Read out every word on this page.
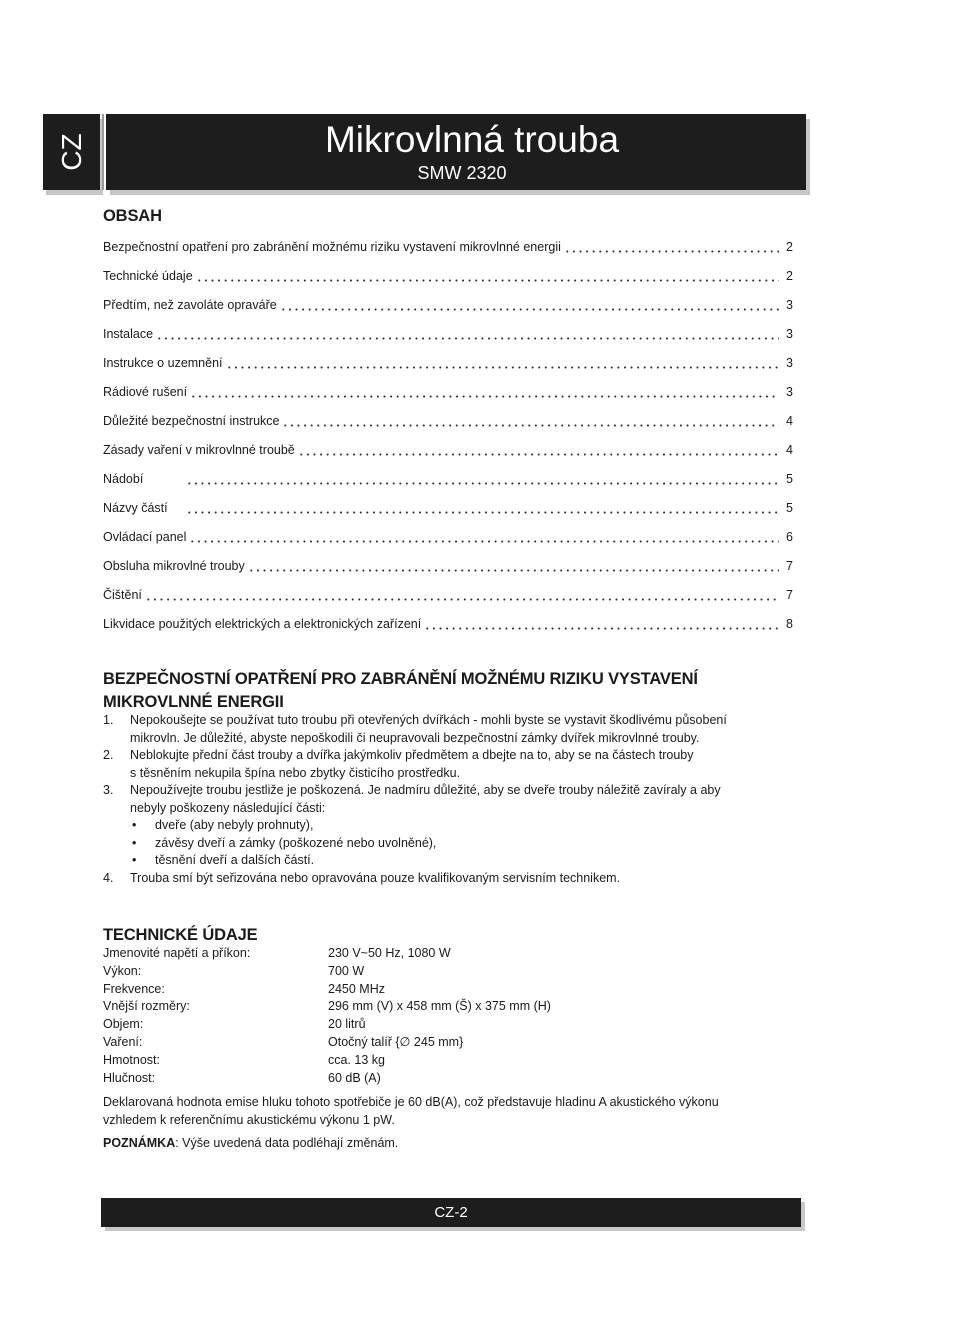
CZ	Mikrovlnná trouba
SMW 2320
OBSAH
Bezpečnostní opatření pro zabránění možnému riziku vystavení mikrovlnné energii	2
Technické údaje	2
Předtím, než zavoláte opraváře	3
Instalace	3
Instrukce o uzemnění	3
Rádiové rušení	3
Důležité bezpečnostní instrukce	4
Zásady vaření v mikrovlnné troubě	4
Nádobí	5
Názvy částí	5
Ovládací panel	6
Obsluha mikrovlné trouby	7
Čištění	7
Likvidace použitých elektrických a elektronických zařízení	8
BEZPEČNOSTNÍ OPATŘENÍ PRO ZABRÁNĚNÍ MOŽNÉMU RIZIKU VYSTAVENÍ
MIKROVLNNÉ ENERGII
1. Nepokoušejte se používat tuto troubu při otevřených dvířkách - mohli byste se vystavit škodlivému působení
mikrovln. Je důležité, abyste nepoškodili či neupravovali bezpečnostní zámky dvířek mikrovlnné trouby.
2. Neblokujte přední část trouby a dvířka jakýmkoliv předmětem a dbejte na to, aby se na částech trouby
s těsněním nekupila špína nebo zbytky čisticího prostředku.
3. Nepoužívejte troubu jestliže je poškozená. Je nadmíru důležité, aby se dveře trouby náležitě zavíraly a aby
nebyly poškozeny následující části:
• dveře (aby nebyly prohnuty),
• závěsy dveří a zámky (poškozené nebo uvolněné),
• těsnění dveří a dalších částí.
4. Trouba smí být seřizována nebo opravována pouze kvalifikovaným servisním technikem.
TECHNICKÉ ÚDAJE
Jmenovité napětí a příkon:	230 V~50 Hz, 1080 W
Výkon:	700 W
Frekvence:	2450 MHz
Vnější rozměry:	296 mm (V) x 458 mm (Š) x 375 mm (H)
Objem:	20 litrů
Vaření:	Otočný talíř {∅ 245 mm}
Hmotnost:	cca. 13 kg
Hlučnost:	60 dB (A)
Deklarovaná hodnota emise hluku tohoto spotřebiče je 60 dB(A), což představuje hladinu A akustického výkonu
vzhledem k referenčnímu akustickému výkonu 1 pW.
POZNÁMKA: Výše uvedená data podléhají změnám.
CZ-2
